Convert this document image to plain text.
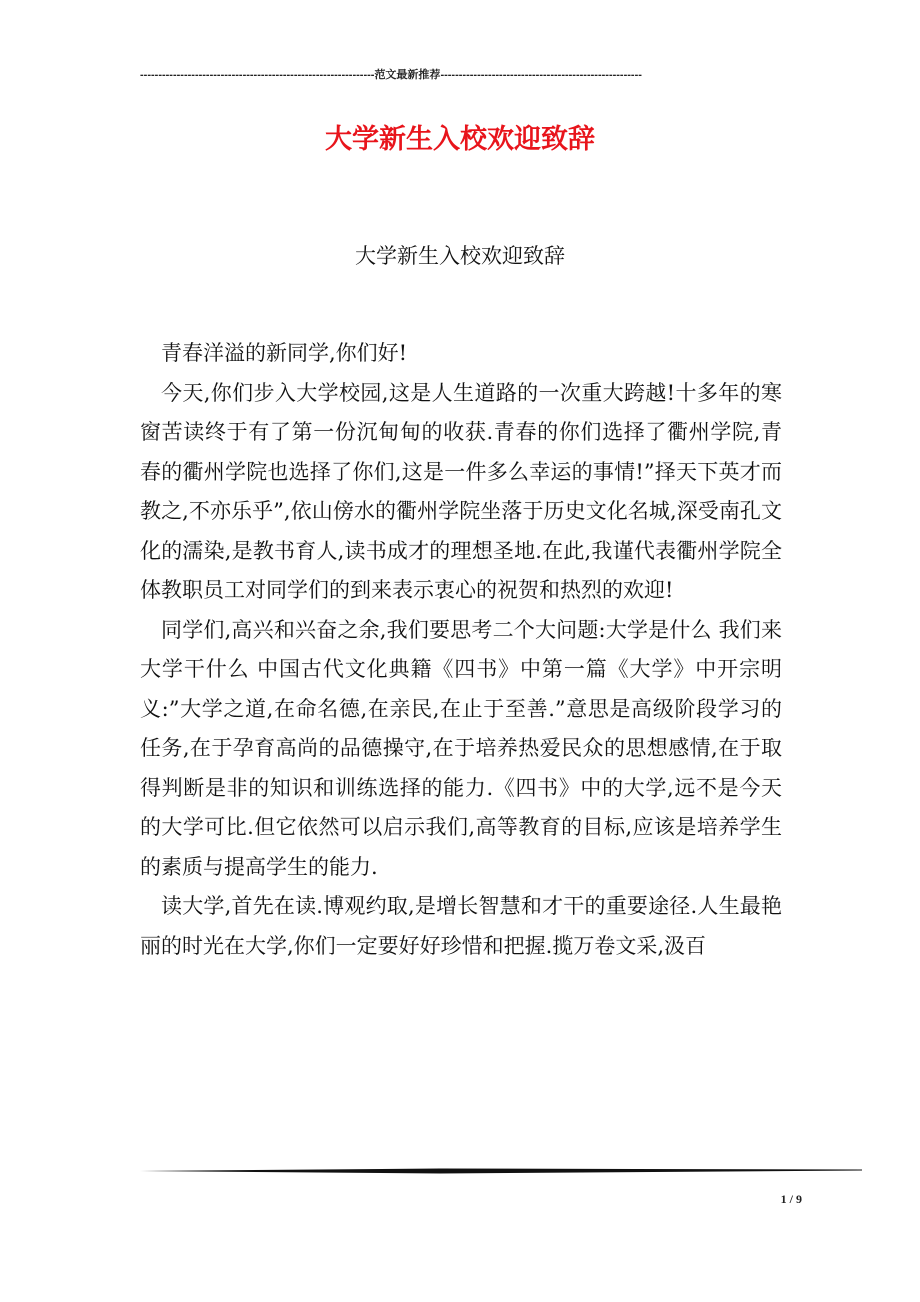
----------------------------------------------------------------范文最新推荐-------------------------------------------------------
大学新生入校欢迎致辞
大学新生入校欢迎致辞

青春洋溢的新同学,你们好!

今天,你们步入大学校园,这是人生道路的一次重大跨越!十多年的寒窗苦读终于有了第一份沉甸甸的收获.青春的你们选择了衢州学院,青春的衢州学院也选择了你们,这是一件多么幸运的事情!”择天下英才而教之,不亦乐乎”,依山傍水的衢州学院坐落于历史文化名城,深受南孔文化的濡染,是教书育人,读书成才的理想圣地.在此,我谨代表衢州学院全体教职员工对同学们的到来表示衷心的祝贺和热烈的欢迎!

同学们,高兴和兴奋之余,我们要思考二个大问题:大学是什么 我们来大学干什么 中国古代文化典籍《四书》中第一篇《大学》中开宗明义:”大学之道,在命名德,在亲民,在止于至善.”意思是高级阶段学习的任务,在于孕育高尚的品德操守,在于培养热爱民众的思想感情,在于取得判断是非的知识和训练选择的能力.《四书》中的大学,远不是今天的大学可比.但它依然可以启示我们,高等教育的目标,应该是培养学生的素质与提高学生的能力.

读大学,首先在读.博观约取,是增长智慧和才干的重要途径.人生最艳丽的时光在大学,你们一定要好好珍惜和把握.揽万卷文采,汲百

1 / 9
